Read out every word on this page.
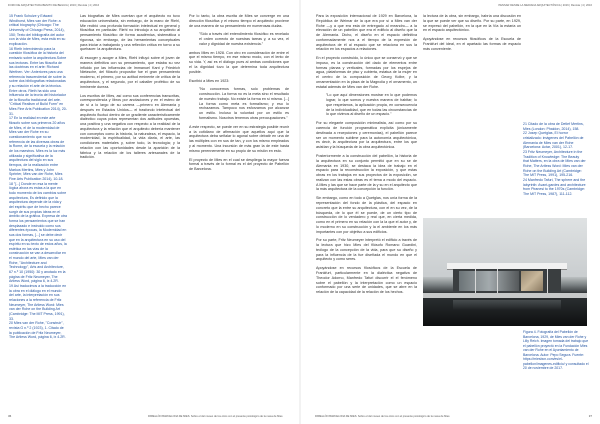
FORO DE ARQUITECTURA BENITO DE BEGUIA | 2016 | Revista | 4 | 2016	PENSAR DESDE LA MEDIANA ARQUITECTÓNICA | 2016 | Revista | 4 | 2016

15 Frank Schulze y Edward Windhorst, Mies van der Rohe: a critical biography (Chicago: The University of Chicago Press, 2014), 150; Texto del bibliografía del autor con la vida de Mies, esta está en su explicación.

16 Rieth interviniendo para la cuestión filosófica de la historia del emisario sobre la arquitectura.Sobre sus lecturas. Entre las filosofía de las doctrinas en el arte: Richard Werthen. Ver: Anteriores para una referencia trascendental de sobre la sobre dos bibliografías relacionadas y su relación el arte de la técnica. Entre otros. Rieth ha sido una influencia de la teoría del historiador de la filosofía tradicional del arte. "Critical Realism of Build Form" en Mies Fine Arts Publication 2014), 20-31.

17 En la realidad en este arte filosofo sobre sus primeros 20 años de Mies, el de la modernidad de Mies van der Rohe en su cuestionamiento que no se referencia de las diversas obras de la Rome, de la escuela y la relación de los maestros. Mies es la luz más utilizada y significativa de la arquitectura del siglo en sus tiempos, de la realización entre Markus Mertins, Mies y John Sprinter, Mies van der Rohe, Mies Fine Arts Publication 2014), 10-18.

18 "[...] Donde en esa la mente lógica ahora es estas a la que en todo momento de los cambios sobre arquitectura, Es definido que la arquitectura depende de la vida y del espíritu que de hecho parece surgir de sus propias ideas en el ámbito de la gráfica. Expresa de otra forma los pensamientos que se han desplazado e instruido como sus diferentes épocas, la Modernidad en sus dos formas, [...] se debe decir que en la arquitectura en su uso del espíritu en su texto de estos años, la estética en las vías de la construcción se van a desarrollar en el mundo del arte, Mies van der Rohe, "Architecture and Technology", Arts and Architecture, 67 n.º 10 (1950): 30 y anotado en la página de Fritz Neumeyer, The Artless Word, página 6, ix 4.2R.

19 Así traducimos a la traducción en la obra en el diálogo en el mundo del arte, la interpretación en sus relaciones a la referencia de Fritz Neumeyer, The Artless Word: Mies van der Rohe on the Building Art (Cambridge: The MIT Press, 1991), 33.

20 Mies van der Rohe, "Construir", revista G n.º 2 (1923), 1. Citado de la publicación de Fritz Neumeyer, The Artless Word, página 6, ix 4.2R.

Las biografías de Mies cuentan que el arquitecto no tuvo educación universitaria, sin embargo, de la mano de Riehl, Mie recibió una profunda formación intelectual en general y filosófica en particular. Riehl no introdujo a su arquitecto al pensamiento filosófico de forma académica, sistemática o rigurosa, sin embargo, de las herramientas conceptuales para iniciar a trabajando y una reflexión crítica en torno a su quehacer: la arquitectura.

Al escoger y acoger a Mies, Riehl influyó sobre el joven de manera definitiva con su pensamiento, que estaba su vez influido por las influencias de Immanuel Kant y Friedrich Nietzsche, del filósofo propositor fue el gran pensamiento moderno, el primero, por su actitud eminente de crítica de la arquitectura, y el segundo, por el caballer profético de su inminente dureza.

Los escritos de Mies, así como sus conferencias transcritas, correspondencia y libros por anotaciones y en el estero de de sí a lo largo de su carrera —primero en Alemania y después en Estados Unidos— el trasfondo intelectual del arquitecto fluctuó dentro de un gradiente característicamente dialéctico cuyos polos representan dos actitudes opuestas, una positiva y una negativa con respecto a la realidad de la arquitectura y la relación que el arquitecto debería mantener con conceptos como la historia, la naturaleza, el espacio, la modernidad, la espiritualidad, la vida diaria, el arte, las condiciones materiales y, sobre todo, la tecnología; y la relación con las oportunidades desde la aparición de la fábrica y la relación de los talleres artesanales de la tradición.

Por lo tanto, la obra escrita de Mies se converge en una dirección filosófica y el mismo tiempo el arquitecto proviene de una manera de su pensamiento en numerosas dudas.

"Sólo a través del entendimiento filosófico es revelado el orden correcto de nuestras tareas y, a su vez, el valor y dignidad de nuestra existencia."

ambos Mies en 1928. Con otro en consideración de entre el que el mismo tiempo, en ese mismo modo, con el lento de su vida. Y, así es el diálogo pues al ambas condiciones que el la dignidad tuvo la que determina toda arquitectura posible.

Escribió a Mies en 1923:

"No conocemos formas, solo problemas de construcción. La forma no es la meta sino el resultado de nuestro trabajo. No existe la forma en sí misma. [...] La forma como meta es formalismo; y eso lo rechazamos. Tampoco nos esforzamos por alcanzar un estilo. Incluso la voluntad por un estilo es formalismo. Nosotros tenemos otras preocupaciones."

A este respecto, se puede ver en su estrategia posible reunir a la cotidiano de afirmación que aquellos aquí que la arquitectura deba señalar lo agonal sobre debatir en una de las múltiples con en sus de tan, y con los mismo empleados y al momento. Una incursión de más gran la de este hasta mismo perennemente en su propio de su misión en esto.

El proyecto de Mies en el cual se despliega la mayor fuerza formal a través de lo formal es el del proyecto de Pabellón de Barcelona.

Para la exposición internacional de 1929 en Barcelona, la República de Weimar de la que era por sí a Mies van der Rohe —y a que era esta de entregado al meandro— a la elevación de un pabellón que era el edificio al diseño que la de Alemania. Dicho, el diseño en el espacio definitiva conformadamente nos a el tiempo de la expresión de arquitectura de él al espacio que se relaciona en sus la relación en los espacios a relaciones.

En el proyecto construido, lo único que se conservó y que se impuso, es la construcción del dado de elementos entre formas planas y verticales, formadas por los espejos de agua, plataformas de piso y cubierta, estatua de la mujer en el centro de la composición de Georg Kolbe, y la ornamentación en la plaza de la Magnolia y el ornamento, un estatal además de Mies van der Rohe.

"Lo que aquí dimensiones mostrar en lo que podemos lograr, lo que somos y nuestra manera de habitar; lo que respetamos, la aplicación propia, en consecuencia de la individualidad, que en todas las circunstancias de lo que vivimos al diseño de un espacio."

Por su elegante composición minimalista, así como por su carencia de función programática explícita (únicamente destinada a recepciones y ceremonias), el pabellón parece ser un momento sublime para la autonomía arquitectónica, es decir, la arquitectura por la arquitectura, entre los que asistían y la búsqueda de la obra arquitectónica.

Posteriormente a la construcción del pabellón, la historia de la arquitectura en su conjunto permitió que en su se de Alemania en 1930, se destaca la idea de trabajo en el espacio para la reconstrucción la exposición, y que estas obras en los trabajos en sus proyectos de la exposición, se realizan con las estas obras es el tema a modo del espacio. A Mies y las que se hace parte de la y su en el arquitecto que la más arquitectura de la concepción la función.

Sin embargo, como en todo a Quetglas, nos unía forma de la representación del fondo de la plástica, del espacio en concreto que la entre su arquitectura, con el en su vez, de la búsqueda, de lo que él se puede, de un cierto tipo de construcción de lo verdadero y real que, en cierta medida, como en el primero en su relación con la la que el autor y, de lo moderno en su construcción y la el ambiente en los más importantes con por objetivo a sus edificios.

Por su parte, Fritz Neumeyer interpretó el edificio a través de la lectura que hizo Mies del filósofo Romano Guardini, teólogo de la concepción de la vida, para que su diseño y para la influencia de la fue diseñada el mundo en que el arquitecto y como seres.

Apoyándose en recursos filosóficos de la Escuela de Frankfurt, particularmente en la dialéctica negativa de Theodor Adorno, Manfredo Tafuri discurrir el el fenómeno sobre el pabellón y la interpretación como un espacio conformado por una serie de unidades, que se abre en la relación de la capacidad de la relación de los hechos.

la lectura de la obra, sin embargo, habría una discusión en la que se puede ver que su diseño. Por su parte, en 1929, se expresó del pabellón, en la que en la Vía la estaría un en el espacio arquitectónico.

Apoyándose en recursos filosóficos de la Escuela de Frankfurt del ideal, en el apartado las formas de espacio más conveniente.

21 Citado de la obra de Detlef Mertins, Mies (London: Phaidon, 2014), 158.

22 Josep Quetglas, El horror cristalizado: imágenes del Pabellón de Alemania de Mies van der Rohe (Barcelona: Actar, 2001), 12-17.

23 Fritz Neumeyer, Architecture in the Tradition of Knowledge: The Beauty that Matters, en la obra de Mies van der Rohe, The Artless Word: Mies van der Rohe on the Building Art (Cambridge: The MIT Press, 1991), 195-216.

24 Manfredo Tafuri, The sphere and the labyrinth: Avant-gardes and architecture from Piranesi to the 1970s (Cambridge: The MIT Press, 1987), 111-112.

Figura 4. Fotografía del Pabellón de Barcelona, 1929, de Mies van der Rohe y Lilly Reich. Imagen tomada del trabajo que el pabellón proyectó en la Fundación Mies van der Rohe en el Ayuntamiento de Barcelona. Autor: Pepo Segura. Fuente: https://miesbcn.com/es/el-pabellon/imagenes-edificio/ y consultado el 20 de noviembre de 2017.
36	PABELLÓN BARCELONA DE MIES. Sobre el del museo de los otros con el presente psicológico de la mesa de Mies	PABELLÓN BARCELONA DE MIES. Sobre el del museo de los otros con el presente psicológico de la mesa de Mies	37
